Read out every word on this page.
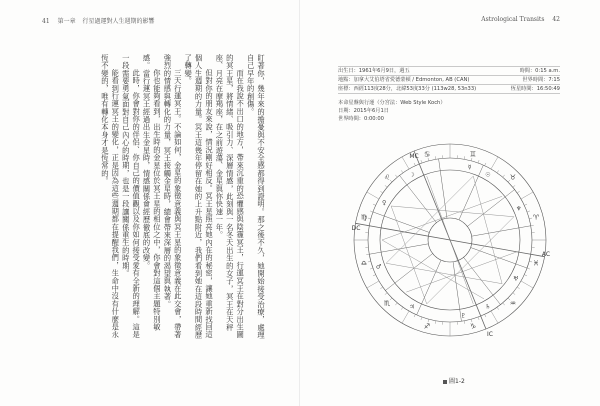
41 第一章 行星過運對人生週期的影響

盯著你，幾年來的擔憂與不安全感都得到證明。那之後不久，她開始接受治療，處理自己早年的創傷。

而在我說不出口的地方，帶來沉重的恐懼感與陰霾冥王，行運冥王在對分出生圖的冥王星，將情緒、吸引力、深層情感，此刻與一名冬天出生的女子，冥王在天秤座、月亮在摩羯座，在之前遊蕩、金星與你快速一年。

但對你的朋友來說，情況剛好相反。冥王星照亮她內在的秘密，讓她重新找回這個人生週期的力量。冥王這幾年停留在她的上升點附近，我們看到她在這段時間經歷了轉變。

三天行運冥王。不論如何，金星的象徵意義與冥王星的象徵意義在此交會，帶著強烈的情感與轉化的力量，冥王接觸金星時，總會帶來深層的渴望與執著。

你也能夠看到，出生時的金星位於冥王星的相位之中，你會對這個主題特別敏感。當行運冥王經過出生金星時，情感關係會經歷徹底的改變。

此時，你會對你的伴侶、你自己的價值觀以及你如何接受愛有全新的理解。這是一段需要勇氣面對自己內心的時期，也是一段讓關係重生的時期。

能看到行運冥王的變化，正是因為這些週期都在提醒我們，生命中沒有什麼是永恆不變的，唯有轉化本身才是恆常的。

Astrological Transits 42
出生日：1961年6月9日，週五	時間：0:15 a.m.
地點：加拿大艾伯塔省愛德蒙頓 / Edmonton, AB (CAN)	世界時間：7:15
座標：西經113度28分，北緯53度33分 (113w28, 53n33)	恆星時間：16:50:49
本命星盤與行運（分宮法：Web Style Koch）
日期：2015年6月1日
世界時間：0:00:00
♈
♉
♊
♋
♌
♍
♎
♏
♐	♑
♒
♓
☉
☽
☿
♀
♂
♃	♄
♅
♆
♇
MC
AC
IC
DC
圖1-2
